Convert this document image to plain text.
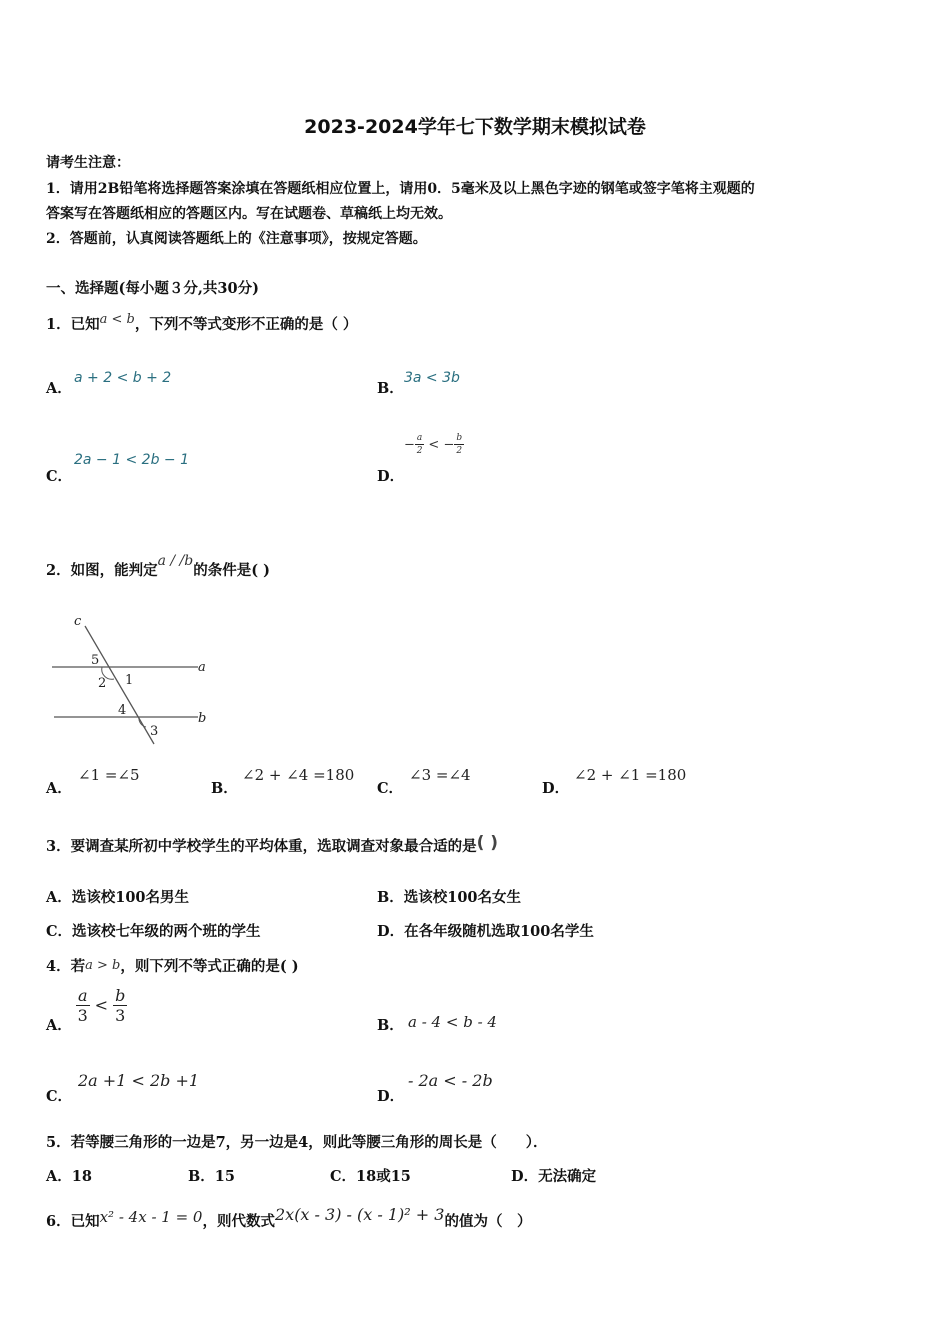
2023-2024学年七下数学期末模拟试卷
请考生注意：
1．请用2B铅笔将选择题答案涂填在答题纸相应位置上，请用0．5毫米及以上黑色字迹的钢笔或签字笔将主观题的
答案写在答题纸相应的答题区内。写在试题卷、草稿纸上均无效。
2．答题前，认真阅读答题纸上的《注意事项》，按规定答题。
一、选择题(每小题３分,共30分)
1．已知a < b，下列不等式变形不正确的是（ ）
A．
a + 2 < b + 2
B．
3a < 3b
C．
2a − 1 < 2b − 1
D．
− $\frac{a}{2}$ < − $\frac{b}{2}$
2．如图，能判定a / /b的条件是( )
c
a
b
5
2 1
4
3
A．
∠1 =∠5
B．
∠2 + ∠4 =180
C．
∠3 =∠4
D．
∠2 + ∠1 =180
3．要调查某所初中学校学生的平均体重，选取调查对象最合适的是( )
A．选该校100名男生	B．选该校100名女生
C．选该校七年级的两个班的学生	D．在各年级随机选取100名学生
4．若a > b，则下列不等式正确的是( )
A．
$\frac{a}{3} < \frac{b}{3}$
B． a - 4 < b - 4
C．
2a +1 < 2b +1
D．
- 2a < - 2b
5．若等腰三角形的一边是7，另一边是4，则此等腰三角形的周长是（　　）．
A．18	B．15	C．18或15	D．无法确定
6．已知x² - 4x - 1 = 0，则代数式2x(x - 3) - (x - 1)² + 3的值为（　）
